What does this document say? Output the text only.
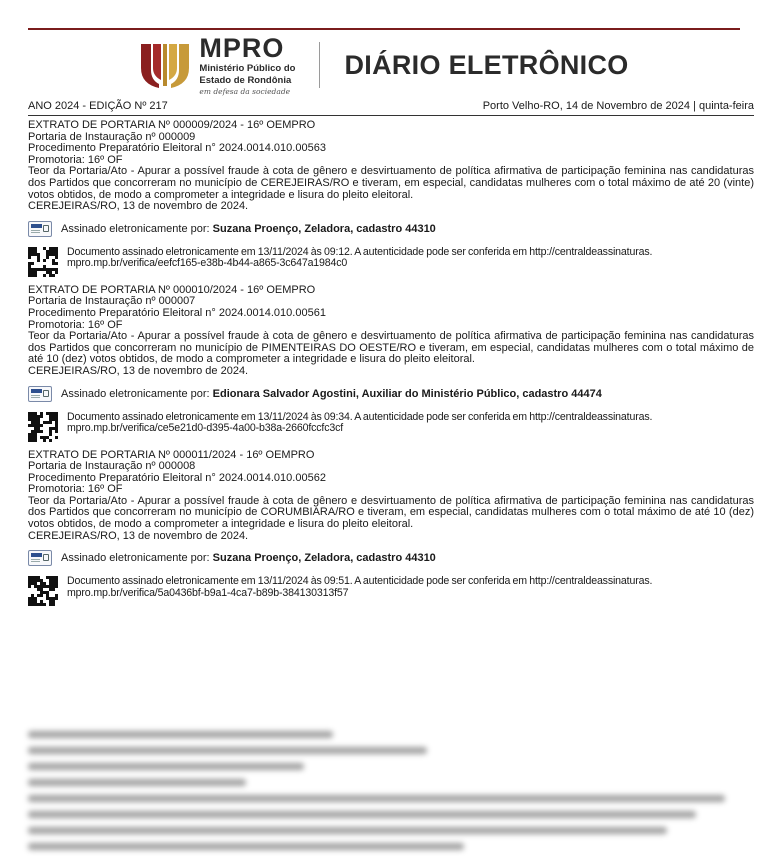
MPRO
Ministério Público do
Estado de Rondônia
em defesa da sociedade
DIÁRIO ELETRÔNICO
ANO 2024 - EDIÇÃO Nº 217	Porto Velho-RO, 14 de Novembro de 2024 | quinta-feira
EXTRATO DE PORTARIA Nº 000009/2024 - 16º OEMPRO
Portaria de Instauração nº 000009
Procedimento Preparatório Eleitoral n° 2024.0014.010.00563
Promotoria: 16º OF
Teor da Portaria/Ato - Apurar a possível fraude à cota de gênero e desvirtuamento de política afirmativa de participação feminina nas candidaturas dos Partidos que concorreram no município de CEREJEIRAS/RO e tiveram, em especial, candidatas mulheres com o total máximo de até 20 (vinte) votos obtidos, de modo a comprometer a integridade e lisura do pleito eleitoral.
CEREJEIRAS/RO, 13 de novembro de 2024.
Assinado eletronicamente por: Suzana Proenço, Zeladora, cadastro 44310
Documento assinado eletronicamente em 13/11/2024 às 09:12. A autenticidade pode ser conferida em http://centraldeassinaturas.
mpro.mp.br/verifica/eefcf165-e38b-4b44-a865-3c647a1984c0
EXTRATO DE PORTARIA Nº 000010/2024 - 16º OEMPRO
Portaria de Instauração nº 000007
Procedimento Preparatório Eleitoral n° 2024.0014.010.00561
Promotoria: 16º OF
Teor da Portaria/Ato - Apurar a possível fraude à cota de gênero e desvirtuamento de política afirmativa de participação feminina nas candidaturas dos Partidos que concorreram no município de PIMENTEIRAS DO OESTE/RO e tiveram, em especial, candidatas mulheres com o total máximo de até 10 (dez) votos obtidos, de modo a comprometer a integridade e lisura do pleito eleitoral.
CEREJEIRAS/RO, 13 de novembro de 2024.
Assinado eletronicamente por: Edionara Salvador Agostini, Auxiliar do Ministério Público, cadastro 44474
Documento assinado eletronicamente em 13/11/2024 às 09:34. A autenticidade pode ser conferida em http://centraldeassinaturas.
mpro.mp.br/verifica/ce5e21d0-d395-4a00-b38a-2660fccfc3cf
EXTRATO DE PORTARIA Nº 000011/2024 - 16º OEMPRO
Portaria de Instauração nº 000008
Procedimento Preparatório Eleitoral n° 2024.0014.010.00562
Promotoria: 16º OF
Teor da Portaria/Ato - Apurar a possível fraude à cota de gênero e desvirtuamento de política afirmativa de participação feminina nas candidaturas dos Partidos que concorreram no município de CORUMBIARA/RO e tiveram, em especial, candidatas mulheres com o total máximo de até 10 (dez) votos obtidos, de modo a comprometer a integridade e lisura do pleito eleitoral.
CEREJEIRAS/RO, 13 de novembro de 2024.
Assinado eletronicamente por: Suzana Proenço, Zeladora, cadastro 44310
Documento assinado eletronicamente em 13/11/2024 às 09:51. A autenticidade pode ser conferida em http://centraldeassinaturas.
mpro.mp.br/verifica/5a0436bf-b9a1-4ca7-b89b-384130313f57
